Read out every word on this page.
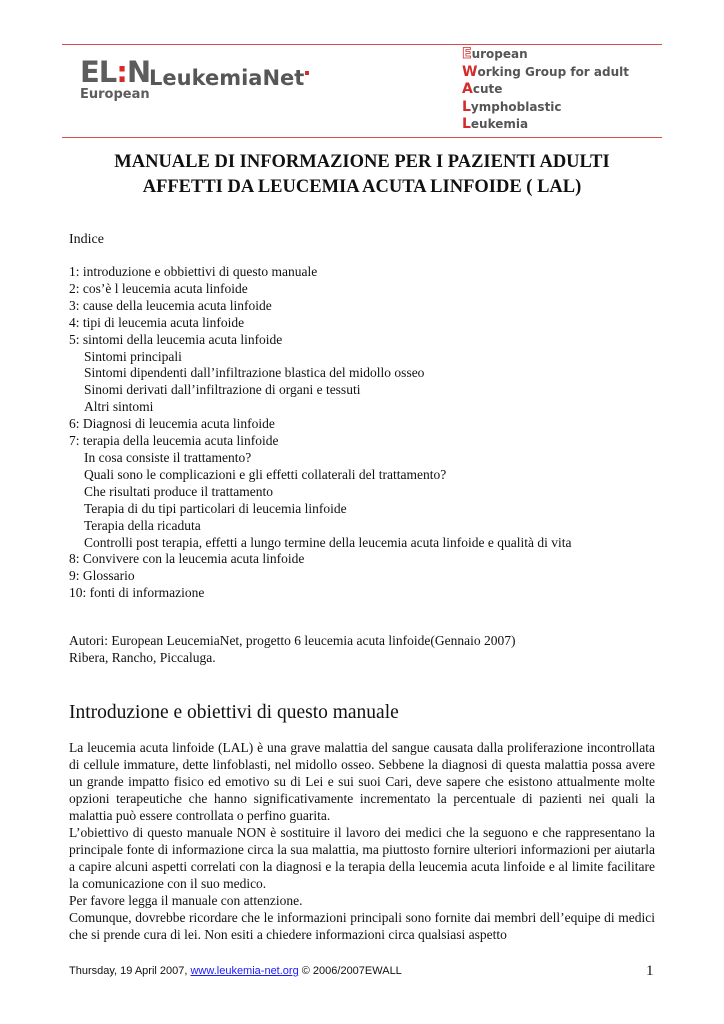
EL:N
LeukemiaNet
European
European
Working Group for adult
Acute
Lymphoblastic
Leukemia
MANUALE DI INFORMAZIONE PER I PAZIENTI ADULTI
AFFETTI DA LEUCEMIA ACUTA LINFOIDE ( LAL)
Indice
1: introduzione e obbiettivi di questo manuale
2: cos’è l leucemia acuta linfoide
3: cause della leucemia acuta linfoide
4: tipi di leucemia acuta linfoide
5: sintomi della leucemia acuta linfoide
Sintomi principali
Sintomi dipendenti dall’infiltrazione blastica del midollo osseo
Sinomi derivati dall’infiltrazione di organi e tessuti
Altri sintomi
6: Diagnosi di leucemia acuta linfoide
7: terapia della leucemia acuta linfoide
In cosa consiste il trattamento?
Quali sono le complicazioni e gli effetti collaterali del trattamento?
Che risultati produce il trattamento
Terapia di du tipi particolari di leucemia linfoide
Terapia della ricaduta
Controlli post terapia, effetti a lungo termine della leucemia acuta linfoide e qualità di vita
8: Convivere con la leucemia acuta linfoide
9: Glossario
10: fonti di informazione
Autori: European LeucemiaNet, progetto 6 leucemia acuta linfoide(Gennaio 2007)
Ribera, Rancho, Piccaluga.
Introduzione e obiettivi di questo manuale

La leucemia acuta linfoide (LAL) è una grave malattia del sangue causata dalla proliferazione incontrollata di cellule immature, dette linfoblasti, nel midollo osseo. Sebbene la diagnosi di questa malattia possa avere un grande impatto fisico ed emotivo su di Lei e sui suoi Cari, deve sapere che esistono attualmente molte opzioni terapeutiche che hanno significativamente incrementato la percentuale di pazienti nei quali la malattia può essere controllata o perfino guarita.

L’obiettivo di questo manuale NON è sostituire il lavoro dei medici che la seguono e che rappresentano la principale fonte di informazione circa la sua malattia, ma piuttosto fornire ulteriori informazioni per aiutarla a capire alcuni aspetti correlati con la diagnosi e la terapia della leucemia acuta linfoide e al limite facilitare la comunicazione con il suo medico.

Per favore legga il manuale con attenzione.

Comunque, dovrebbe ricordare che le informazioni principali sono fornite dai membri dell’equipe di medici che si prende cura di lei. Non esiti a chiedere informazioni circa qualsiasi aspetto

Thursday, 19 April 2007, www.leukemia-net.org © 2006/2007EWALL	1
